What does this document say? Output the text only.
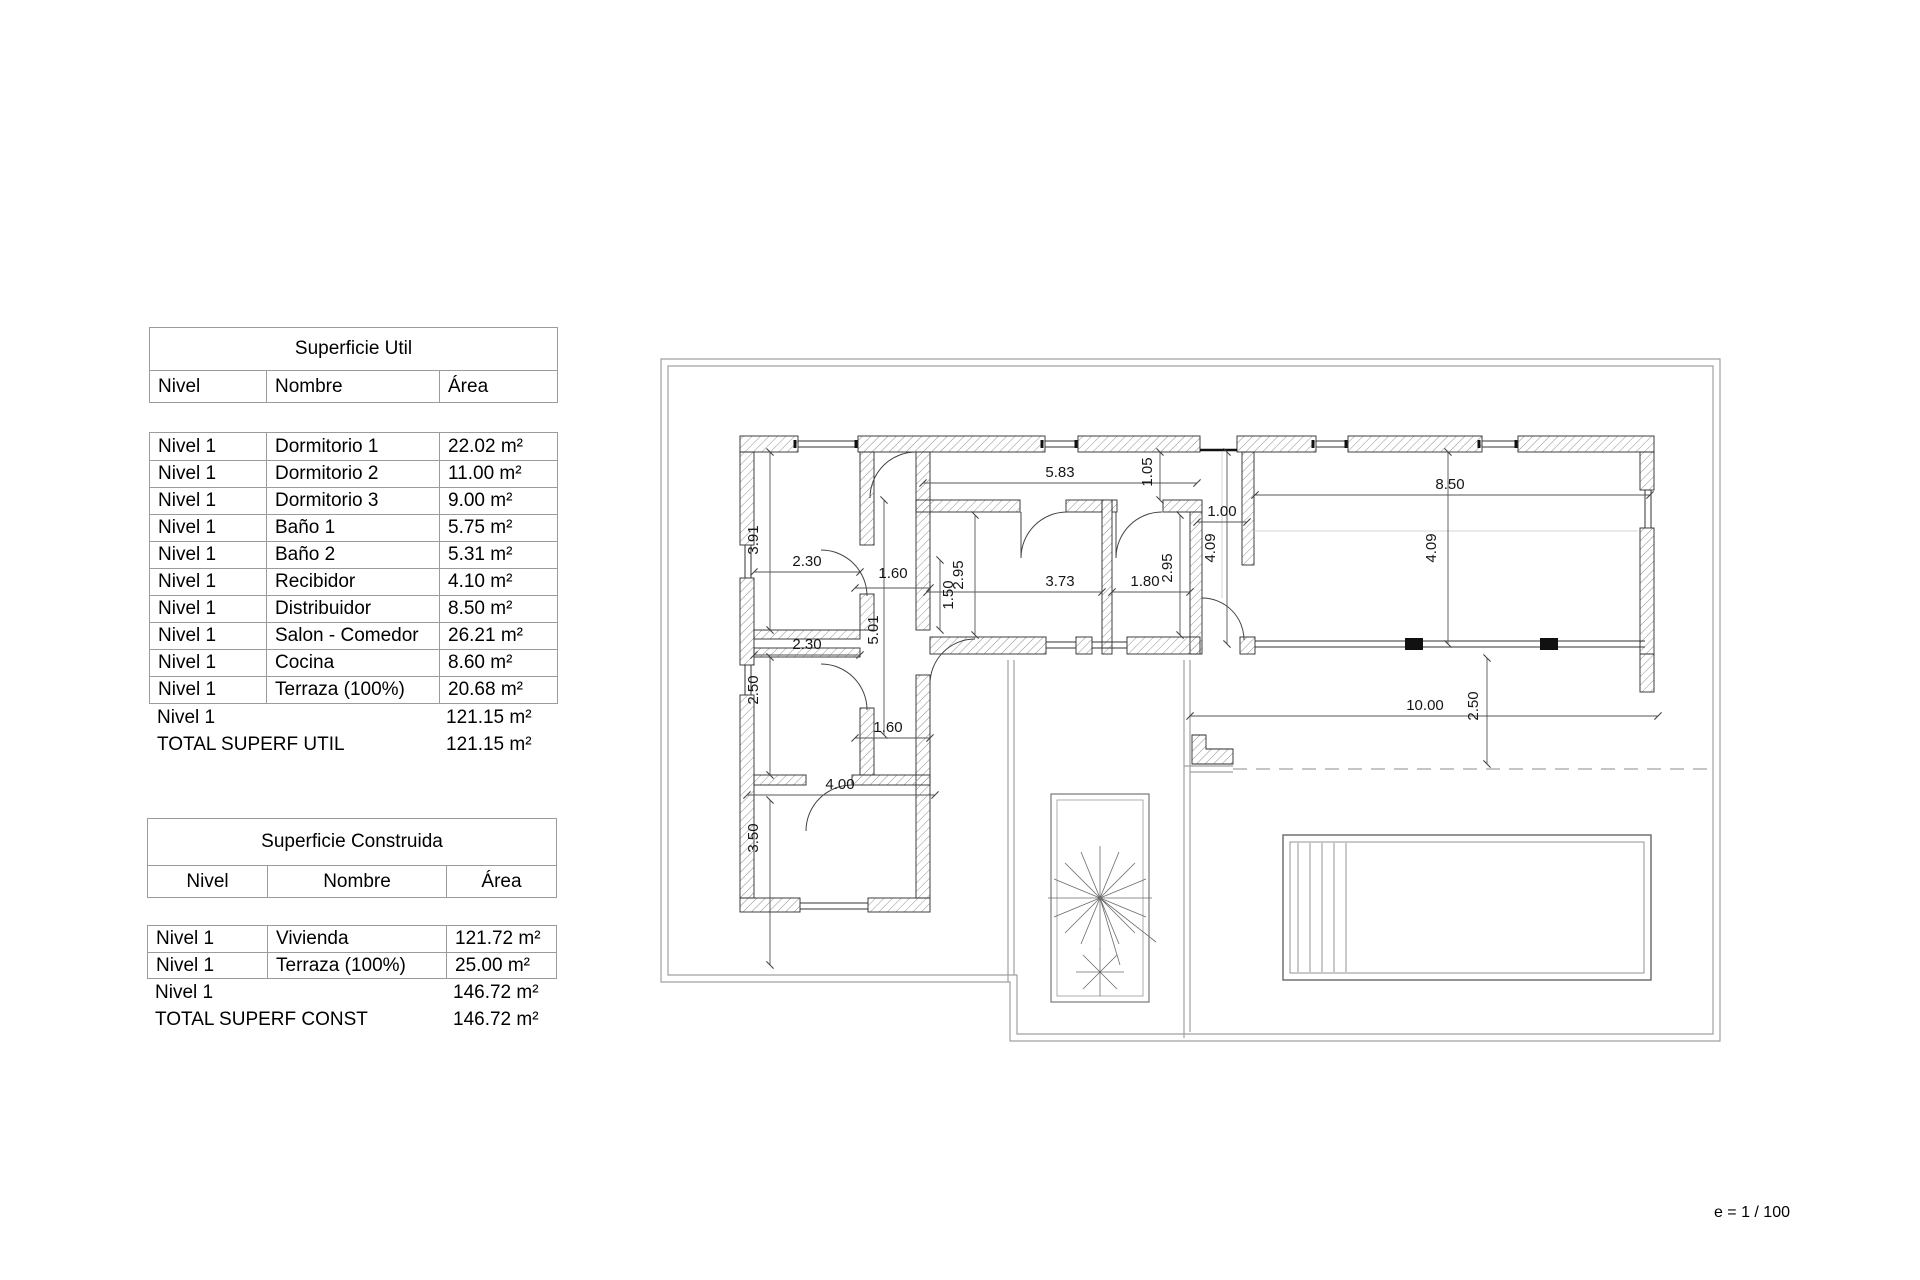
Superficie Util
Nivel	Nombre	Área
Nivel 1	Dormitorio 1	22.02 m²
Nivel 1	Dormitorio 2	11.00 m²
Nivel 1	Dormitorio 3	9.00 m²
Nivel 1	Baño 1	5.75 m²
Nivel 1	Baño 2	5.31 m²
Nivel 1	Recibidor	4.10 m²
Nivel 1	Distribuidor	8.50 m²
Nivel 1	Salon - Comedor	26.21 m²
Nivel 1	Cocina	8.60 m²
Nivel 1	Terraza (100%)	20.68 m²
Nivel 1	121.15 m²
TOTAL SUPERF UTIL	121.15 m²
Superficie Construida
Nivel	Nombre	Área
Nivel 1	Vivienda	121.72 m²
Nivel 1	Terraza (100%)	25.00 m²
Nivel 1	146.72 m²
TOTAL SUPERF CONST	146.72 m²
1.60
1.50
5.83	1.05	8.50
1.00
4.09	4.09
3.91
2.30	2.95	3.73	1.80 2.95
5.01
2.30
2.50
1.60
4.00
3.50
10.00 2.50
e = 1 / 100
